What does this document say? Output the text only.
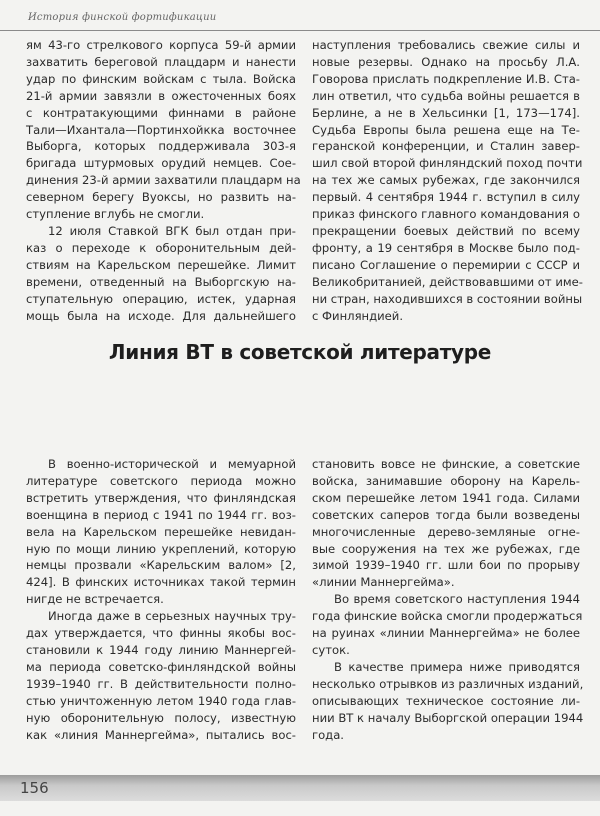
История финской фортификации
ям 43-го стрелкового корпуса 59-й армии
захватить береговой плацдарм и нанести
удар по финским войскам с тыла. Войска
21-й армии завязли в ожесточенных боях
с контратакующими финнами в районе
Тали—Ихантала—Портинхойкка восточнее
Выборга, которых поддерживала 303-я
бригада штурмовых орудий немцев. Сое-
динения 23-й армии захватили плацдарм на
северном берегу Вуоксы, но развить на-
ступление вглубь не смогли.
12 июля Ставкой ВГК был отдан при-
каз о переходе к оборонительным дей-
ствиям на Карельском перешейке. Лимит
времени, отведенный на Выборгскую на-
ступательную операцию, истек, ударная
мощь была на исходе. Для дальнейшего
наступления требовались свежие силы и
новые резервы. Однако на просьбу Л.А.
Говорова прислать подкрепление И.В. Ста-
лин ответил, что судьба войны решается в
Берлине, а не в Хельсинки [1, 173—174].
Судьба Европы была решена еще на Те-
геранской конференции, и Сталин завер-
шил свой второй финляндский поход почти
на тех же самых рубежах, где закончился
первый. 4 сентября 1944 г. вступил в силу
приказ финского главного командования о
прекращении боевых действий по всему
фронту, а 19 сентября в Москве было под-
писано Соглашение о перемирии с СССР и
Великобританией, действовавшими от име-
ни стран, находившихся в состоянии войны
с Финляндией.
Линия ВТ в советской литературе
В военно-исторической и мемуарной
литературе советского периода можно
встретить утверждения, что финляндская
военщина в период с 1941 по 1944 гг. воз-
вела на Карельском перешейке невидан-
ную по мощи линию укреплений, которую
немцы прозвали «Карельским валом» [2,
424]. В финских источниках такой термин
нигде не встречается.
Иногда даже в серьезных научных тру-
дах утверждается, что финны якобы вос-
становили к 1944 году линию Маннергей-
ма периода советско-финляндской войны
1939–1940 гг. В действительности полно-
стью уничтоженную летом 1940 года глав-
ную оборонительную полосу, известную
как «линия Маннергейма», пытались вос-
становить вовсе не финские, а советские
войска, занимавшие оборону на Карель-
ском перешейке летом 1941 года. Силами
советских саперов тогда были возведены
многочисленные дерево-земляные огне-
вые сооружения на тех же рубежах, где
зимой 1939–1940 гг. шли бои по прорыву
«линии Маннергейма».
Во время советского наступления 1944
года финские войска смогли продержаться
на руинах «линии Маннергейма» не более
суток.
В качестве примера ниже приводятся
несколько отрывков из различных изданий,
описывающих техническое состояние ли-
нии ВТ к началу Выборгской операции 1944
года.
156
